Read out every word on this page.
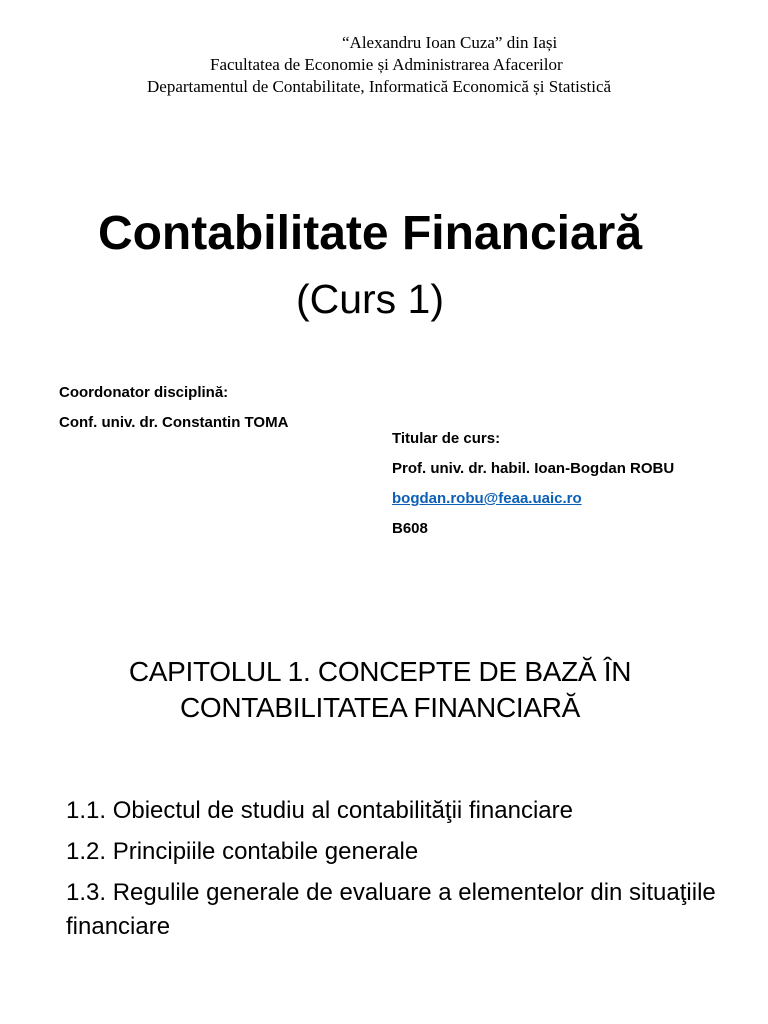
“Alexandru Ioan Cuza” din Iași
Facultatea de Economie și Administrarea Afacerilor
Departamentul de Contabilitate, Informatică Economică și Statistică
Contabilitate Financiară
(Curs 1)
Coordonator disciplină:
Conf. univ. dr. Constantin TOMA
Titular de curs:
Prof. univ. dr. habil. Ioan-Bogdan ROBU
bogdan.robu@feaa.uaic.ro
B608
CAPITOLUL 1. CONCEPTE DE BAZĂ ÎN
CONTABILITATEA FINANCIARĂ
1.1. Obiectul de studiu al contabilităţii financiare
1.2. Principiile contabile generale
1.3. Regulile generale de evaluare a elementelor din situaţiile financiare
